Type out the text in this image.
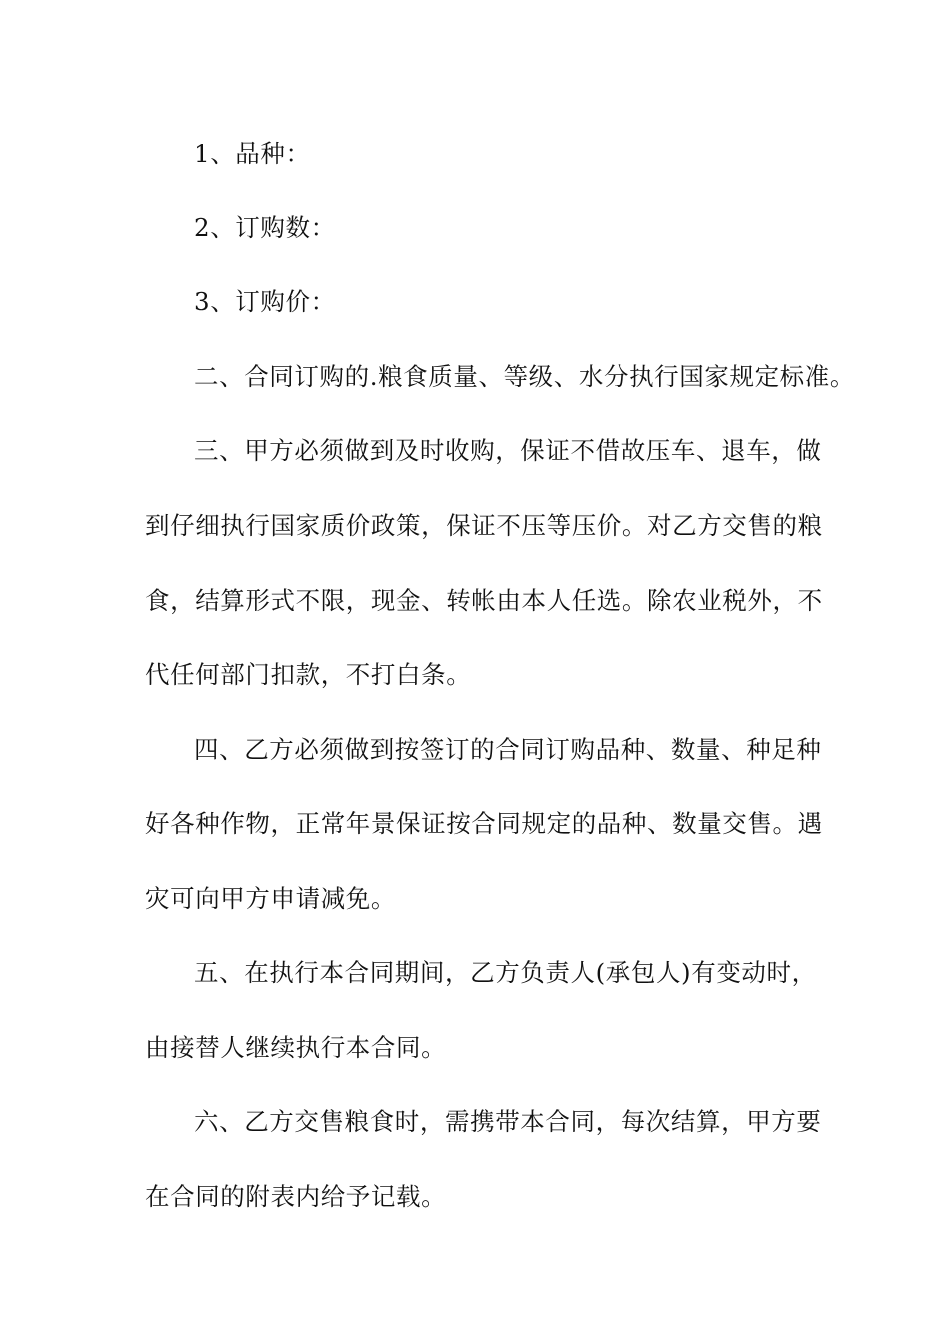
1、品种：
2、订购数：
3、订购价：
二、合同订购的.粮食质量、等级、水分执行国家规定标准。
三、甲方必须做到及时收购，保证不借故压车、退车，做
到仔细执行国家质价政策，保证不压等压价。对乙方交售的粮
食，结算形式不限，现金、转帐由本人任选。除农业税外，不
代任何部门扣款，不打白条。
四、乙方必须做到按签订的合同订购品种、数量、种足种
好各种作物，正常年景保证按合同规定的品种、数量交售。遇
灾可向甲方申请减免。
五、在执行本合同期间，乙方负责人(承包人)有变动时，
由接替人继续执行本合同。
六、乙方交售粮食时，需携带本合同，每次结算，甲方要
在合同的附表内给予记载。
